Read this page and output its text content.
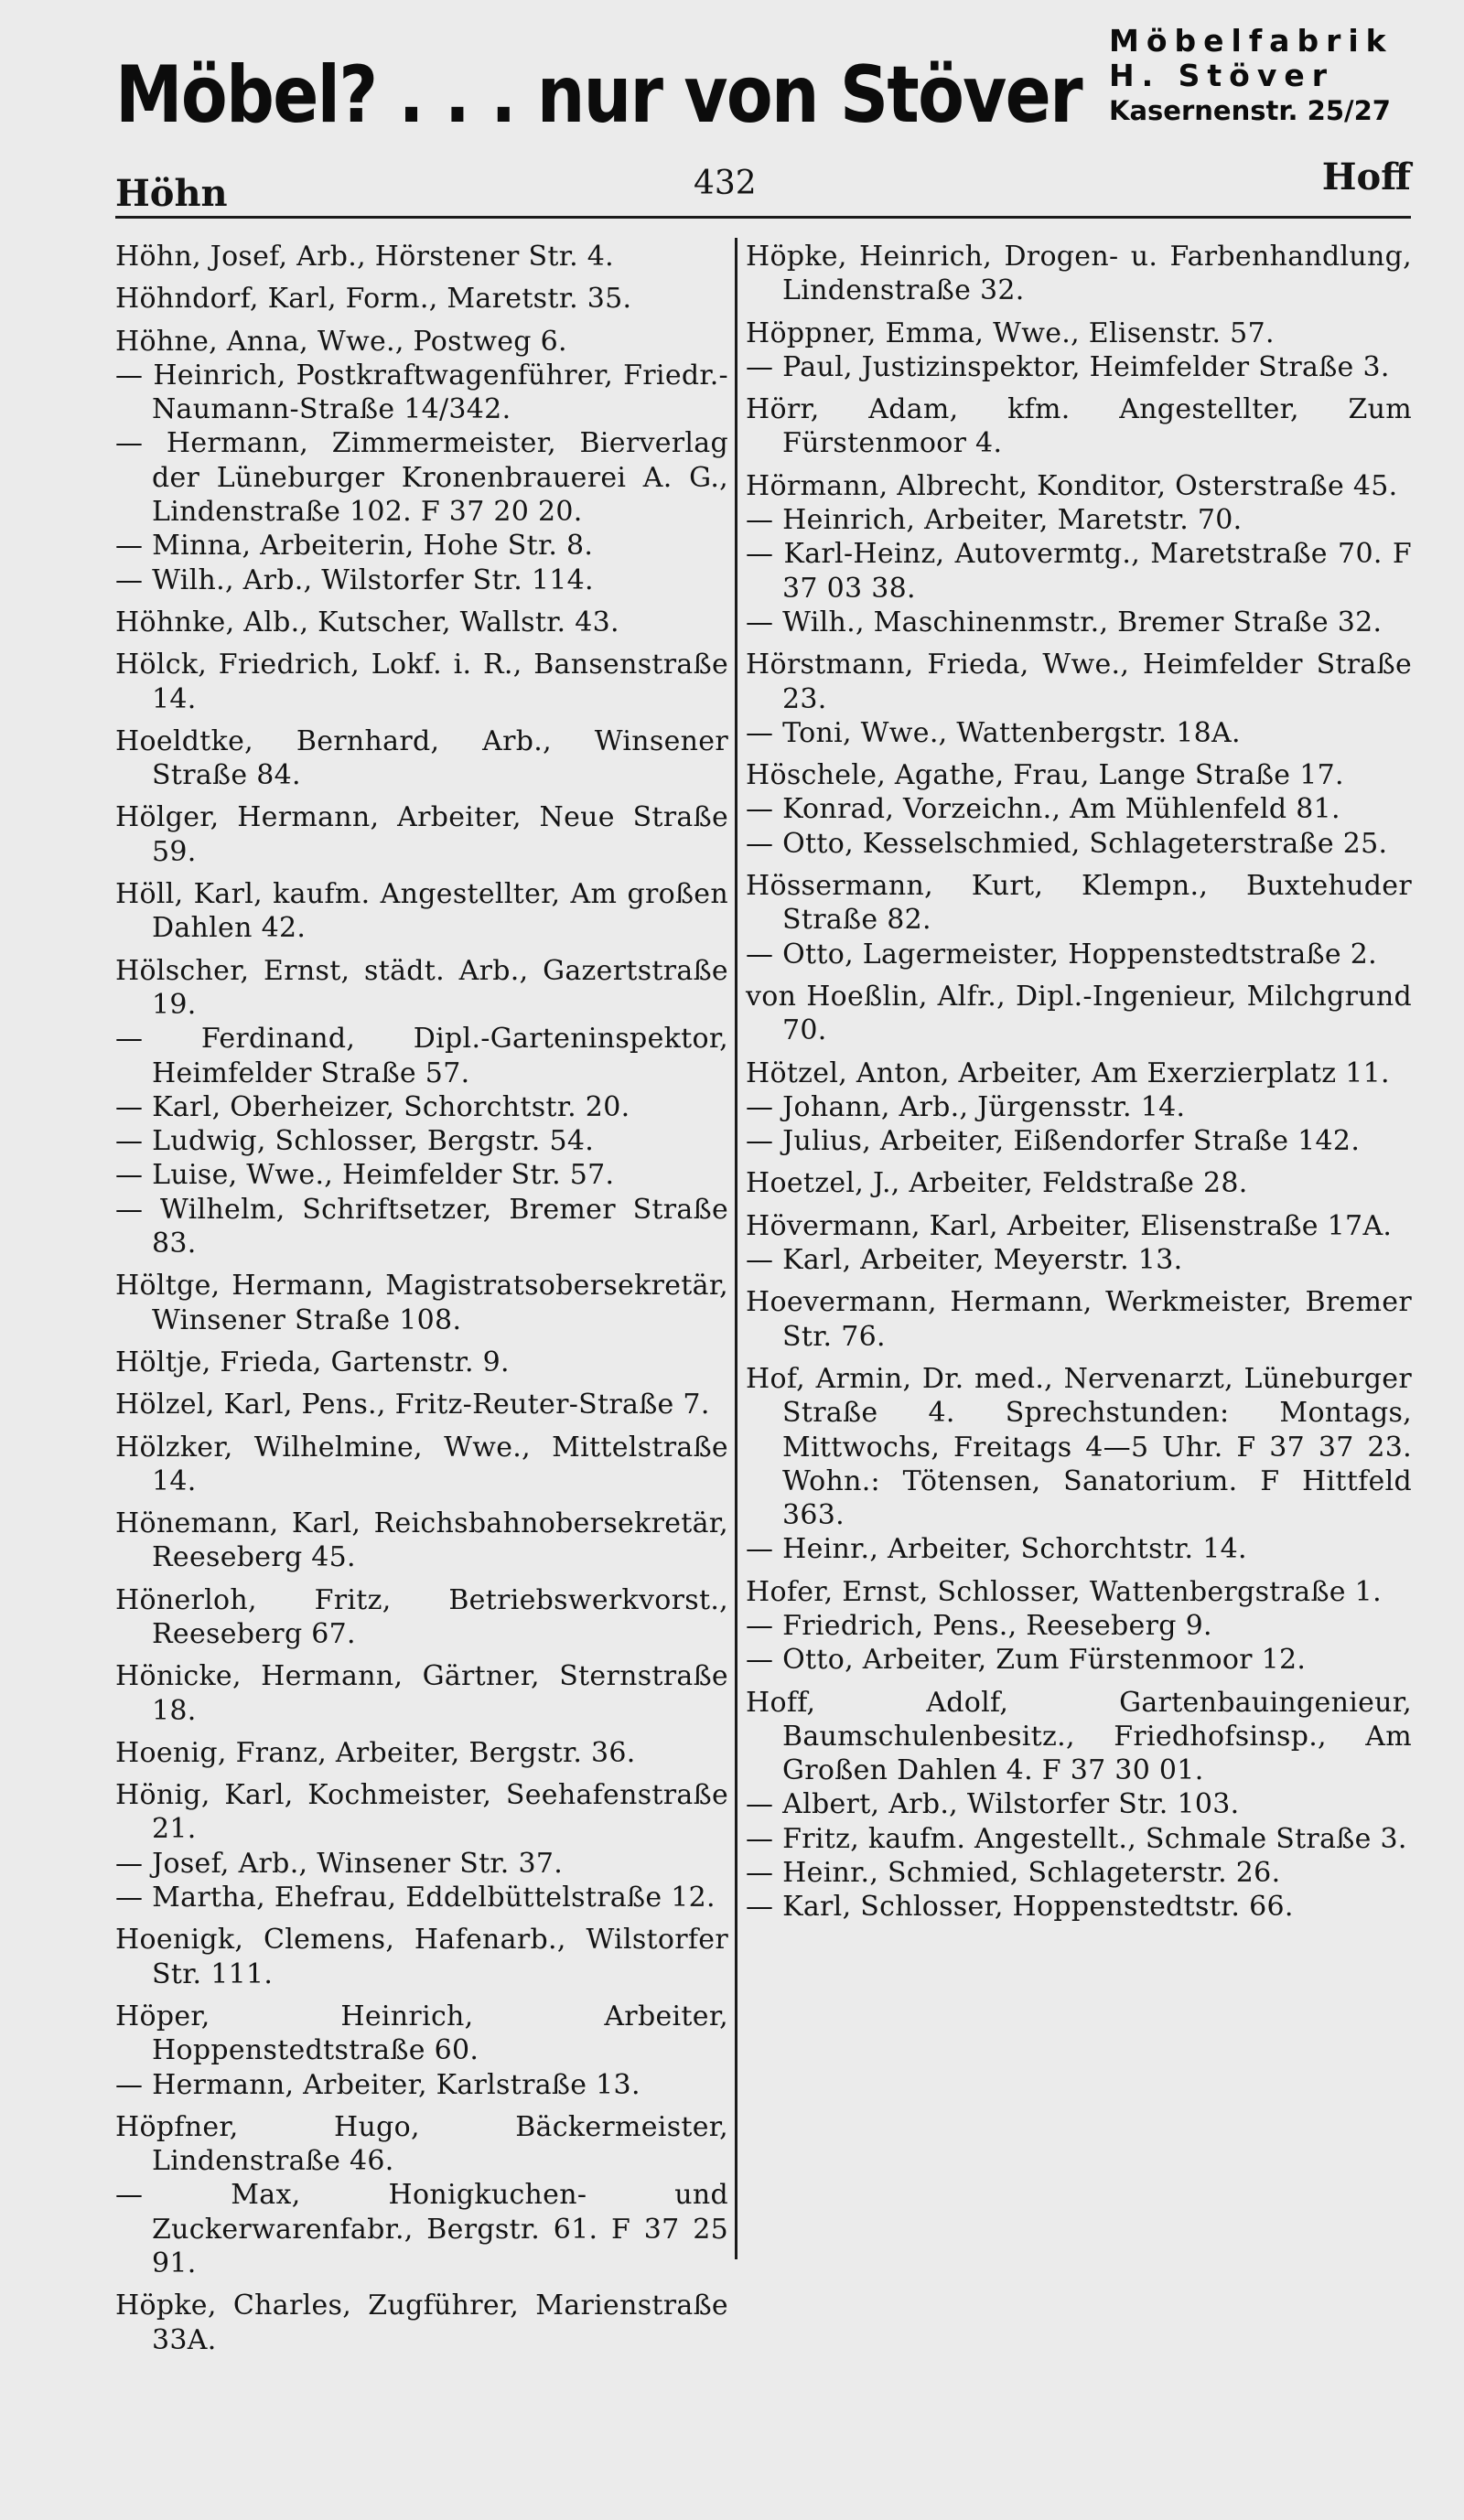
Möbel? . . . nur von Stöver
Möbelfabrik
H. Stöver
Kasernenstr. 25/27
Höhn	432	Hoff

Höhn, Josef, Arb., Hörstener Str. 4.

Höhndorf, Karl, Form., Maretstr. 35.

Höhne, Anna, Wwe., Postweg 6.

— Heinrich, Postkraftwagenführer, Friedr.-Naumann-Straße 14/342.

— Hermann, Zimmermeister, Bierverlag der Lüneburger Kronenbrauerei A. G., Lindenstraße 102. F 37 20 20.

— Minna, Arbeiterin, Hohe Str. 8.

— Wilh., Arb., Wilstorfer Str. 114.

Höhnke, Alb., Kutscher, Wallstr. 43.

Hölck, Friedrich, Lokf. i. R., Bansenstraße 14.

Hoeldtke, Bernhard, Arb., Winsener Straße 84.

Hölger, Hermann, Arbeiter, Neue Straße 59.

Höll, Karl, kaufm. Angestellter, Am großen Dahlen 42.

Hölscher, Ernst, städt. Arb., Gazertstraße 19.

— Ferdinand, Dipl.-Garteninspektor, Heimfelder Straße 57.

— Karl, Oberheizer, Schorchtstr. 20.

— Ludwig, Schlosser, Bergstr. 54.

— Luise, Wwe., Heimfelder Str. 57.

— Wilhelm, Schriftsetzer, Bremer Straße 83.

Höltge, Hermann, Magistratsobersekretär, Winsener Straße 108.

Höltje, Frieda, Gartenstr. 9.

Hölzel, Karl, Pens., Fritz-Reuter-Straße 7.

Hölzker, Wilhelmine, Wwe., Mittelstraße 14.

Hönemann, Karl, Reichsbahnobersekretär, Reeseberg 45.

Hönerloh, Fritz, Betriebswerkvorst., Reeseberg 67.

Hönicke, Hermann, Gärtner, Sternstraße 18.

Hoenig, Franz, Arbeiter, Bergstr. 36.

Hönig, Karl, Kochmeister, Seehafenstraße 21.

— Josef, Arb., Winsener Str. 37.

— Martha, Ehefrau, Eddelbüttelstraße 12.

Hoenigk, Clemens, Hafenarb., Wilstorfer Str. 111.

Höper, Heinrich, Arbeiter, Hoppenstedtstraße 60.

— Hermann, Arbeiter, Karlstraße 13.

Höpfner, Hugo, Bäckermeister, Lindenstraße 46.

— Max, Honigkuchen- und Zuckerwarenfabr., Bergstr. 61. F 37 25 91.

Höpke, Charles, Zugführer, Marienstraße 33A.

Höpke, Heinrich, Drogen- u. Farbenhandlung, Lindenstraße 32.

Höppner, Emma, Wwe., Elisenstr. 57.

— Paul, Justizinspektor, Heimfelder Straße 3.

Hörr, Adam, kfm. Angestellter, Zum Fürstenmoor 4.

Hörmann, Albrecht, Konditor, Osterstraße 45.

— Heinrich, Arbeiter, Maretstr. 70.

— Karl-Heinz, Autovermtg., Maretstraße 70. F 37 03 38.

— Wilh., Maschinenmstr., Bremer Straße 32.

Hörstmann, Frieda, Wwe., Heimfelder Straße 23.

— Toni, Wwe., Wattenbergstr. 18A.

Höschele, Agathe, Frau, Lange Straße 17.

— Konrad, Vorzeichn., Am Mühlenfeld 81.

— Otto, Kesselschmied, Schlageterstraße 25.

Hössermann, Kurt, Klempn., Buxtehuder Straße 82.

— Otto, Lagermeister, Hoppenstedtstraße 2.

von Hoeßlin, Alfr., Dipl.-Ingenieur, Milchgrund 70.

Hötzel, Anton, Arbeiter, Am Exerzierplatz 11.

— Johann, Arb., Jürgensstr. 14.

— Julius, Arbeiter, Eißendorfer Straße 142.

Hoetzel, J., Arbeiter, Feldstraße 28.

Hövermann, Karl, Arbeiter, Elisenstraße 17A.

— Karl, Arbeiter, Meyerstr. 13.

Hoevermann, Hermann, Werkmeister, Bremer Str. 76.

Hof, Armin, Dr. med., Nervenarzt, Lüneburger Straße 4. Sprechstunden: Montags, Mittwochs, Freitags 4—5 Uhr. F 37 37 23. Wohn.: Tötensen, Sanatorium. F Hittfeld 363.

— Heinr., Arbeiter, Schorchtstr. 14.

Hofer, Ernst, Schlosser, Wattenbergstraße 1.

— Friedrich, Pens., Reeseberg 9.

— Otto, Arbeiter, Zum Fürstenmoor 12.

Hoff, Adolf, Gartenbauingenieur, Baumschulenbesitz., Friedhofsinsp., Am Großen Dahlen 4. F 37 30 01.

— Albert, Arb., Wilstorfer Str. 103.

— Fritz, kaufm. Angestellt., Schmale Straße 3.

— Heinr., Schmied, Schlageterstr. 26.

— Karl, Schlosser, Hoppenstedtstr. 66.
